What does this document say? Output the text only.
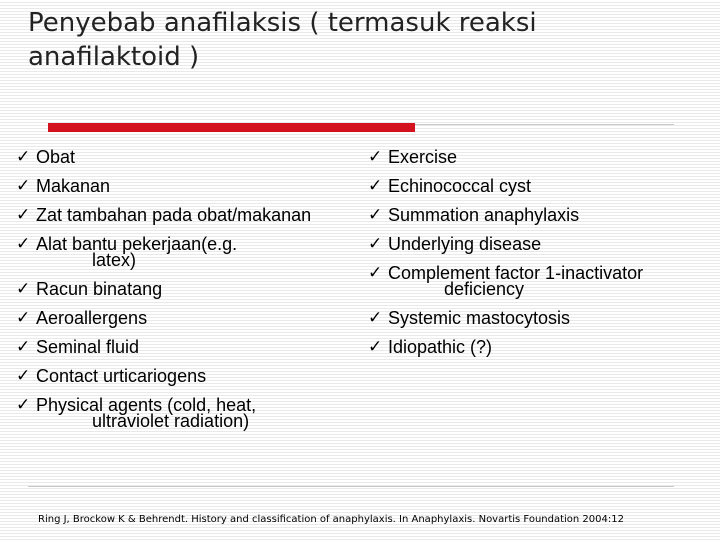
Penyebab anafilaksis ( termasuk reaksi anafilaktoid )
✓ Obat
✓ Makanan
✓ Zat tambahan pada obat/makanan
✓ Alat bantu pekerjaan(e.g.
latex)
✓ Racun binatang
✓ Aeroallergens
✓ Seminal fluid
✓ Contact urticariogens
✓ Physical agents (cold, heat,
ultraviolet radiation)
✓ Exercise
✓ Echinococcal cyst
✓ Summation anaphylaxis
✓ Underlying disease
✓ Complement factor 1-inactivator
deficiency
✓ Systemic mastocytosis
✓ Idiopathic (?)
Ring J, Brockow K & Behrendt. History and classification of anaphylaxis. In Anaphylaxis. Novartis Foundation 2004:12
